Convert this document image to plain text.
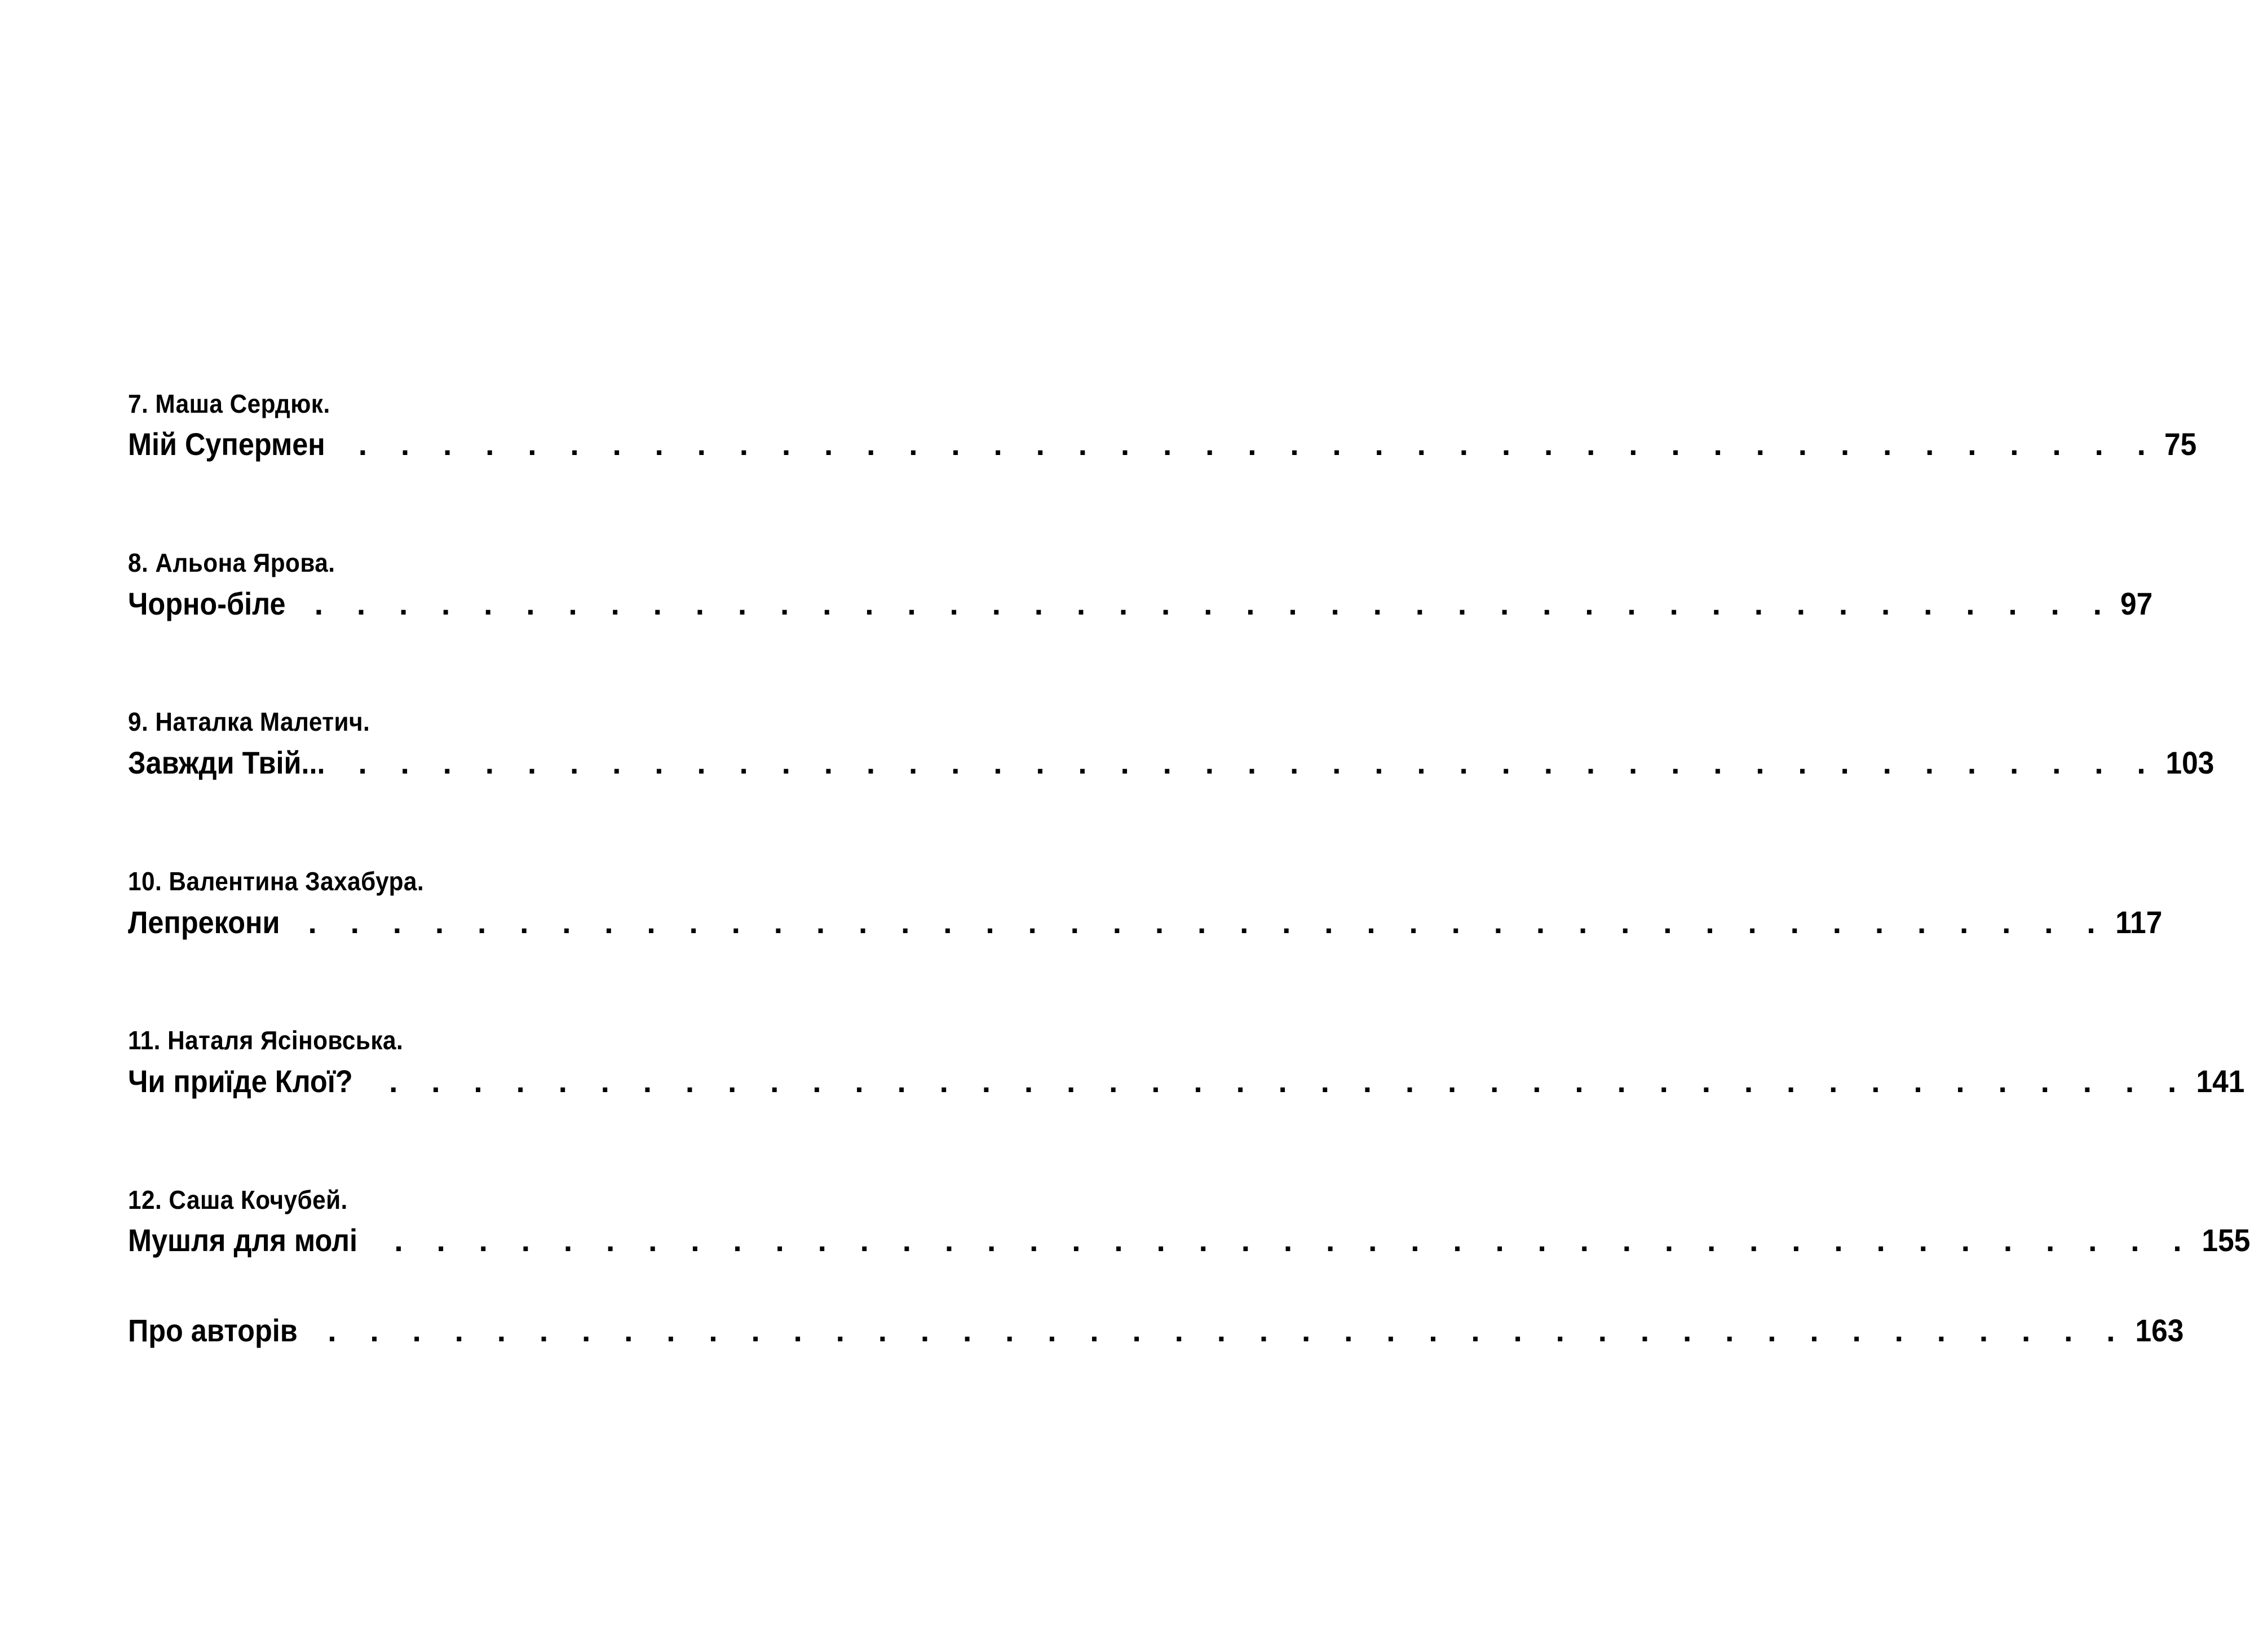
7. Маша Сердюк.
Мій Супермен	. . . . . . . . . . . . . . . . . . . . . . . . . . . . . . . . . . . . . . . . . . . 75
8. Альона Ярова.
Чорно-біле . . . . . . . . . . . . . . . . . . . . . . . . . . . . . . . . . . . . . . . . . . . 97
9. Наталка Малетич.
Завжди Твій...	. . . . . . . . . . . . . . . . . . . . . . . . . . . . . . . . . . . . . . . . . . . 103
10. Валентина Захабура.
Лепрекони . . . . . . . . . . . . . . . . . . . . . . . . . . . . . . . . . . . . . . . . . . . 117
11. Наталя Ясіновська.
Чи приїде Клої?	. . . . . . . . . . . . . . . . . . . . . . . . . . . . . . . . . . . . . . . . . . . 141
12. Саша Кочубей.
Мушля для молі	. . . . . . . . . . . . . . . . . . . . . . . . . . . . . . . . . . . . . . . . . . . 155
Про авторів . . . . . . . . . . . . . . . . . . . . . . . . . . . . . . . . . . . . . . . . . . . 163
